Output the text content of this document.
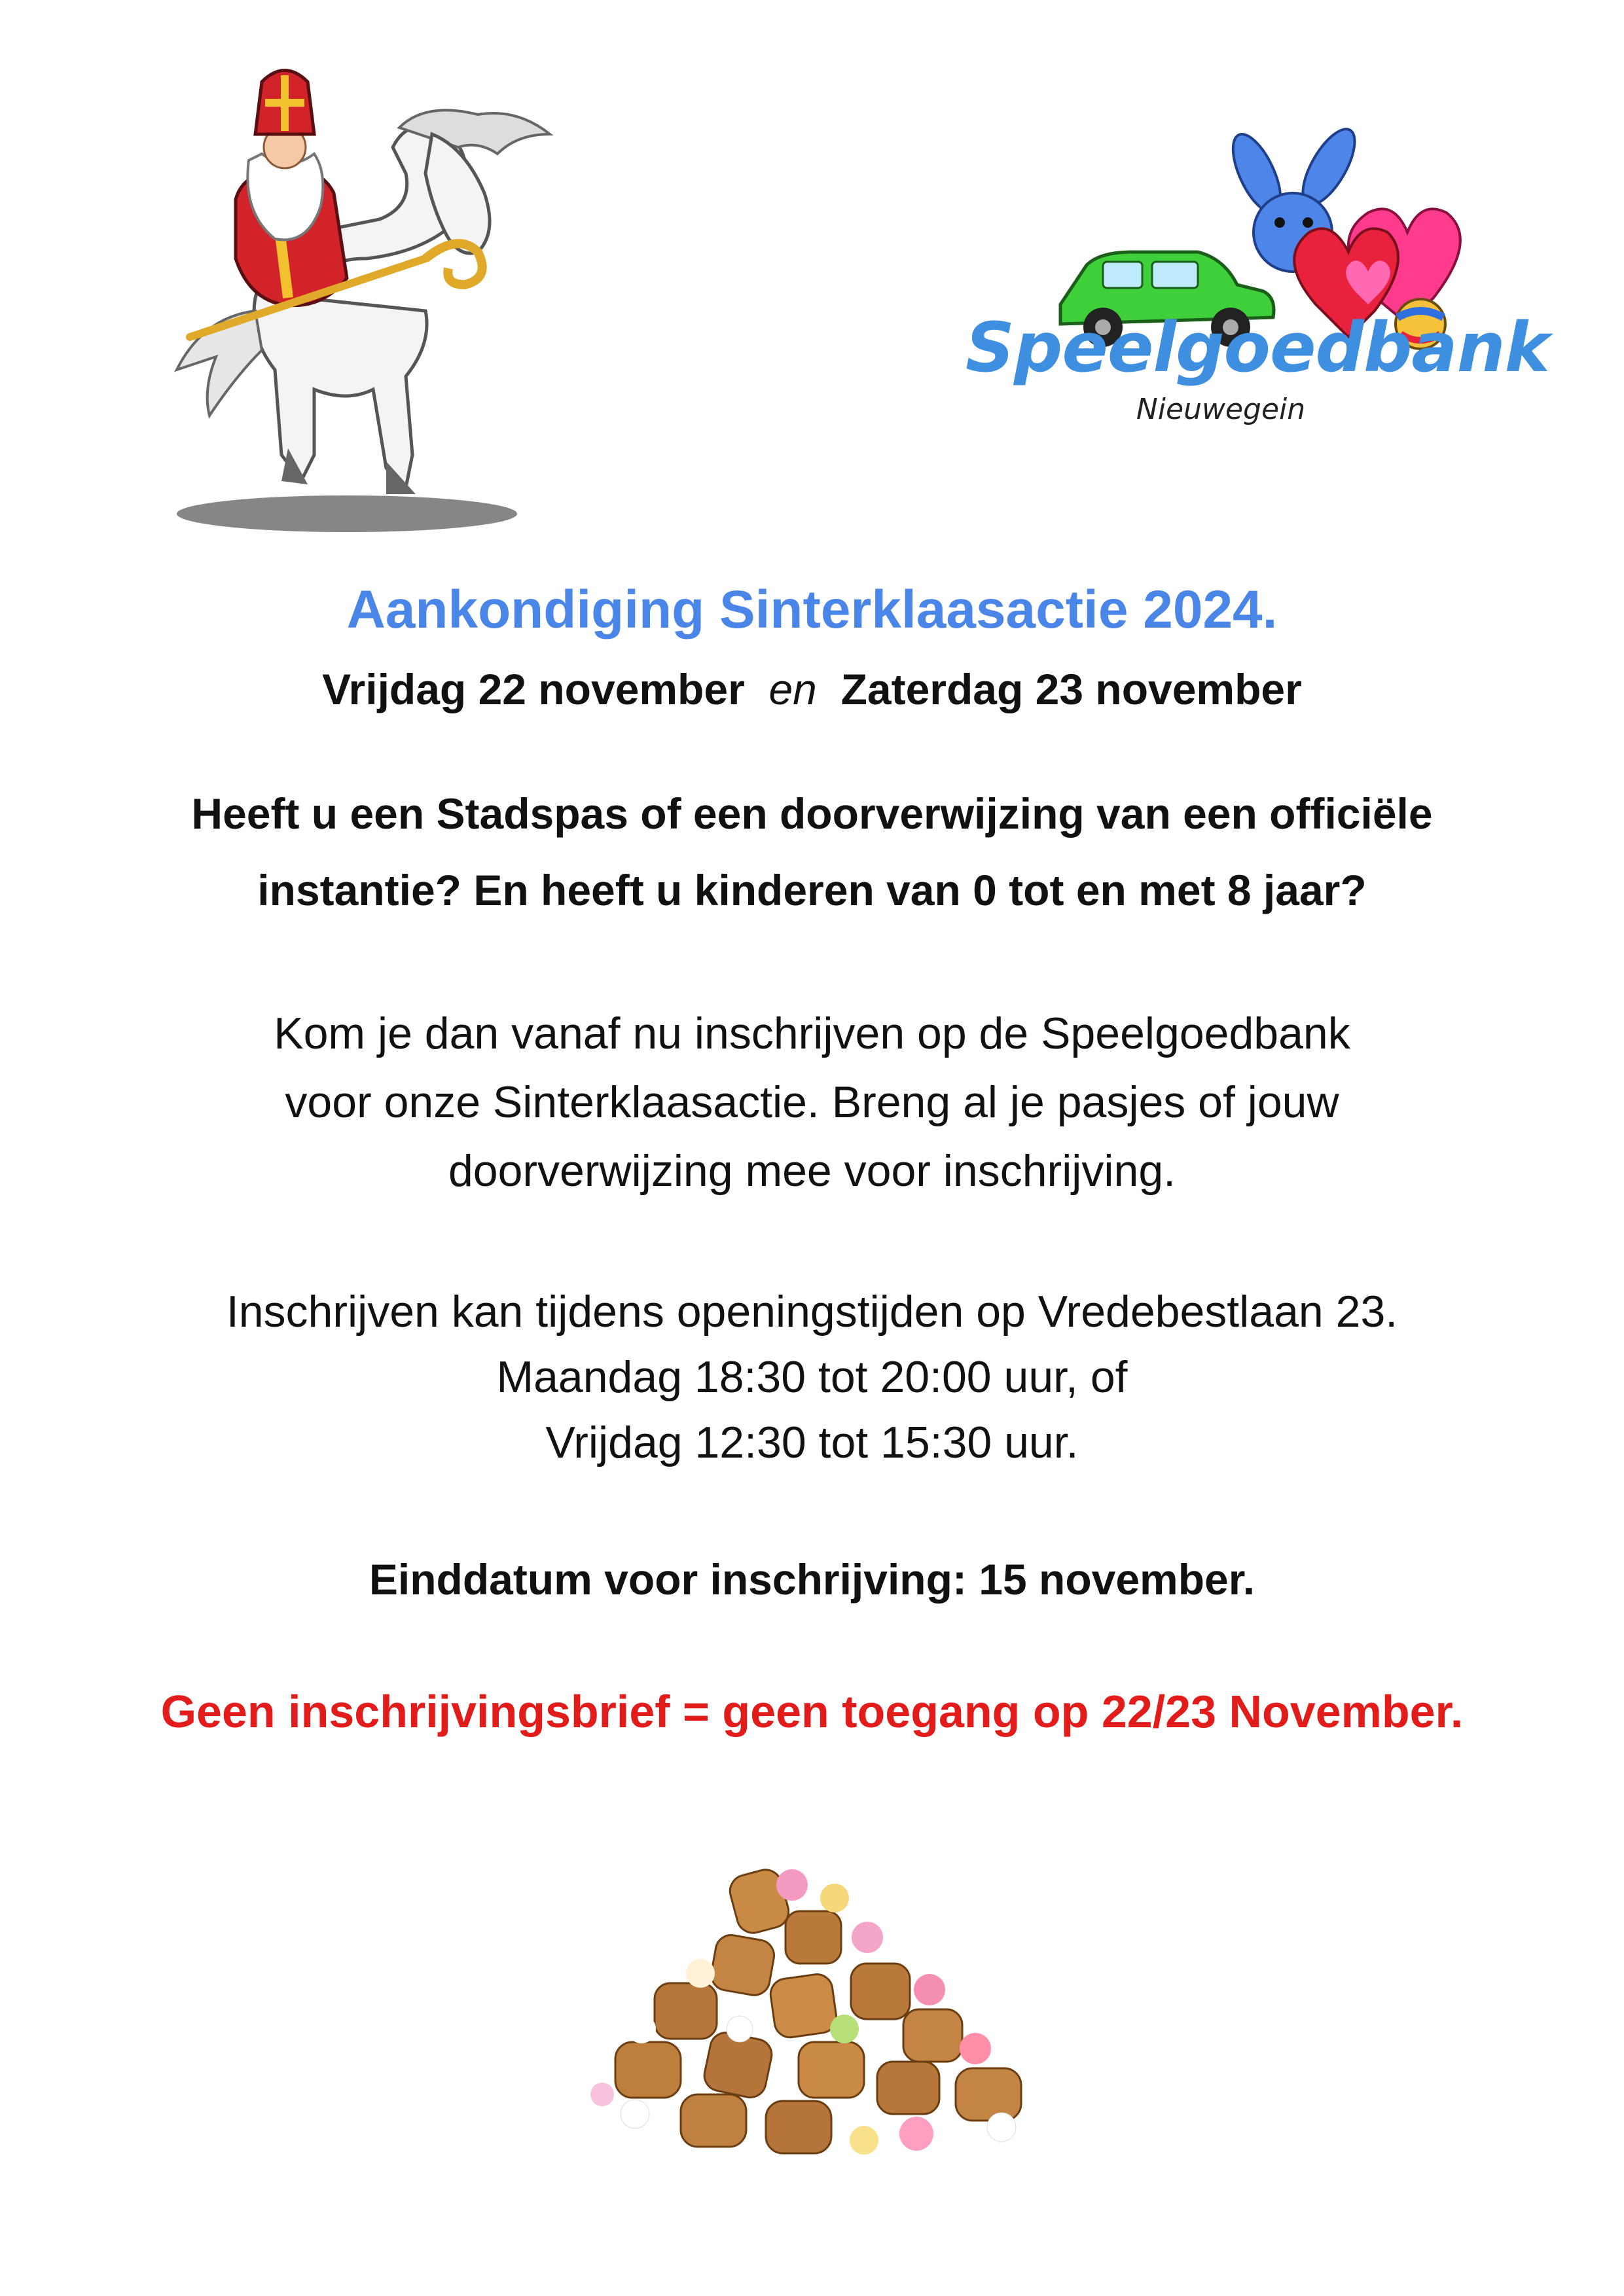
Speelgoedbank
Nieuwegein
Aankondiging Sinterklaasactie 2024.
Vrijdag 22 november en Zaterdag 23 november
Heeft u een Stadspas of een doorverwijzing van een officiële
instantie? En heeft u kinderen van 0 tot en met 8 jaar?
Kom je dan vanaf nu inschrijven op de Speelgoedbank
voor onze Sinterklaasactie. Breng al je pasjes of jouw
doorverwijzing mee voor inschrijving.
Inschrijven kan tijdens openingstijden op Vredebestlaan 23.
Maandag 18:30 tot 20:00 uur, of
Vrijdag 12:30 tot 15:30 uur.
Einddatum voor inschrijving: 15 november.
Geen inschrijvingsbrief = geen toegang op 22/23 November.
